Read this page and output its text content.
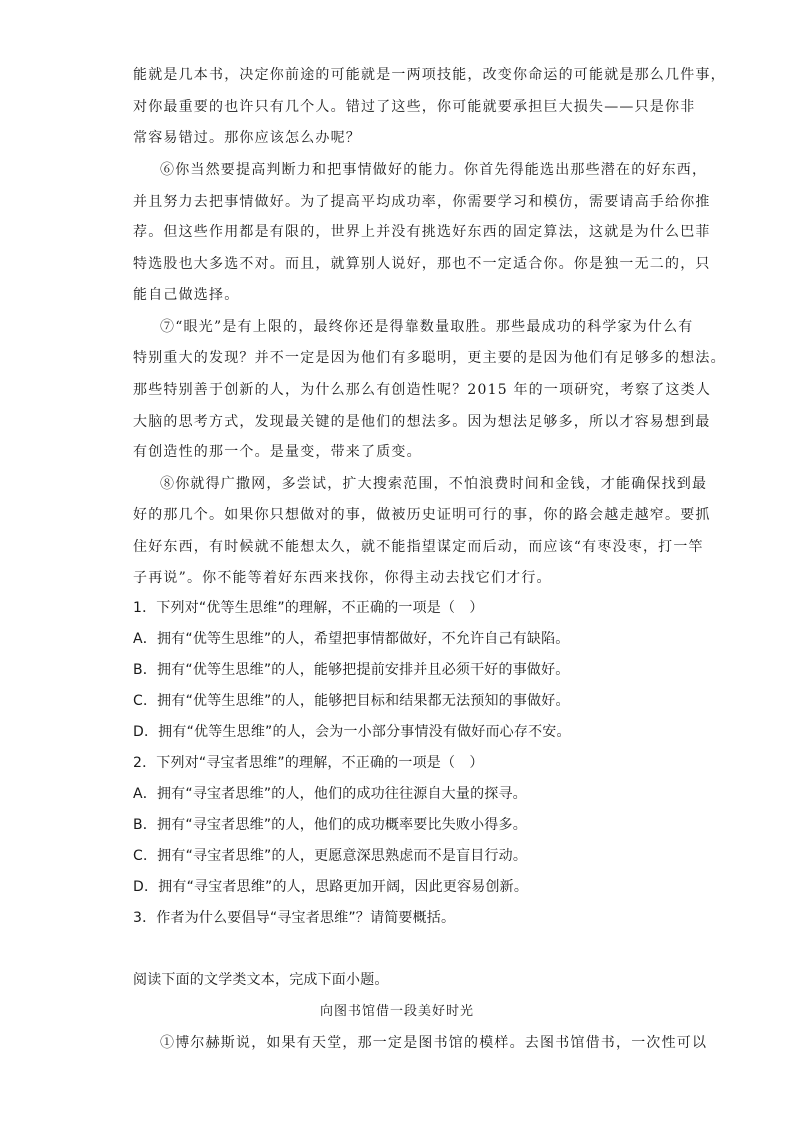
能就是几本书，决定你前途的可能就是一两项技能，改变你命运的可能就是那么几件事，
对你最重要的也许只有几个人。错过了这些，你可能就要承担巨大损失——只是你非
常容易错过。那你应该怎么办呢？
⑥你当然要提高判断力和把事情做好的能力。你首先得能选出那些潜在的好东西，
并且努力去把事情做好。为了提高平均成功率，你需要学习和模仿，需要请高手给你推
荐。但这些作用都是有限的，世界上并没有挑选好东西的固定算法，这就是为什么巴菲
特选股也大多选不对。而且，就算别人说好，那也不一定适合你。你是独一无二的，只
能自己做选择。
⑦“眼光”是有上限的，最终你还是得靠数量取胜。那些最成功的科学家为什么有
特别重大的发现？并不一定是因为他们有多聪明，更主要的是因为他们有足够多的想法。
那些特别善于创新的人，为什么那么有创造性呢？2015 年的一项研究，考察了这类人
大脑的思考方式，发现最关键的是他们的想法多。因为想法足够多，所以才容易想到最
有创造性的那一个。是量变，带来了质变。
⑧你就得广撒网，多尝试，扩大搜索范围，不怕浪费时间和金钱，才能确保找到最
好的那几个。如果你只想做对的事，做被历史证明可行的事，你的路会越走越窄。要抓
住好东西，有时候就不能想太久，就不能指望谋定而后动，而应该“有枣没枣，打一竿
子再说”。你不能等着好东西来找你，你得主动去找它们才行。
1．下列对“优等生思维”的理解，不正确的一项是（　）
A．拥有“优等生思维”的人，希望把事情都做好，不允许自己有缺陷。
B．拥有“优等生思维”的人，能够把提前安排并且必须干好的事做好。
C．拥有“优等生思维”的人，能够把目标和结果都无法预知的事做好。
D．拥有“优等生思维”的人，会为一小部分事情没有做好而心存不安。
2．下列对“寻宝者思维”的理解，不正确的一项是（　）
A．拥有“寻宝者思维”的人，他们的成功往往源自大量的探寻。
B．拥有“寻宝者思维”的人，他们的成功概率要比失败小得多。
C．拥有“寻宝者思维”的人，更愿意深思熟虑而不是盲目行动。
D．拥有“寻宝者思维”的人，思路更加开阔，因此更容易创新。
3．作者为什么要倡导“寻宝者思维”？请简要概括。
阅读下面的文学类文本，完成下面小题。
向图书馆借一段美好时光
①博尔赫斯说，如果有天堂，那一定是图书馆的模样。去图书馆借书，一次性可以
